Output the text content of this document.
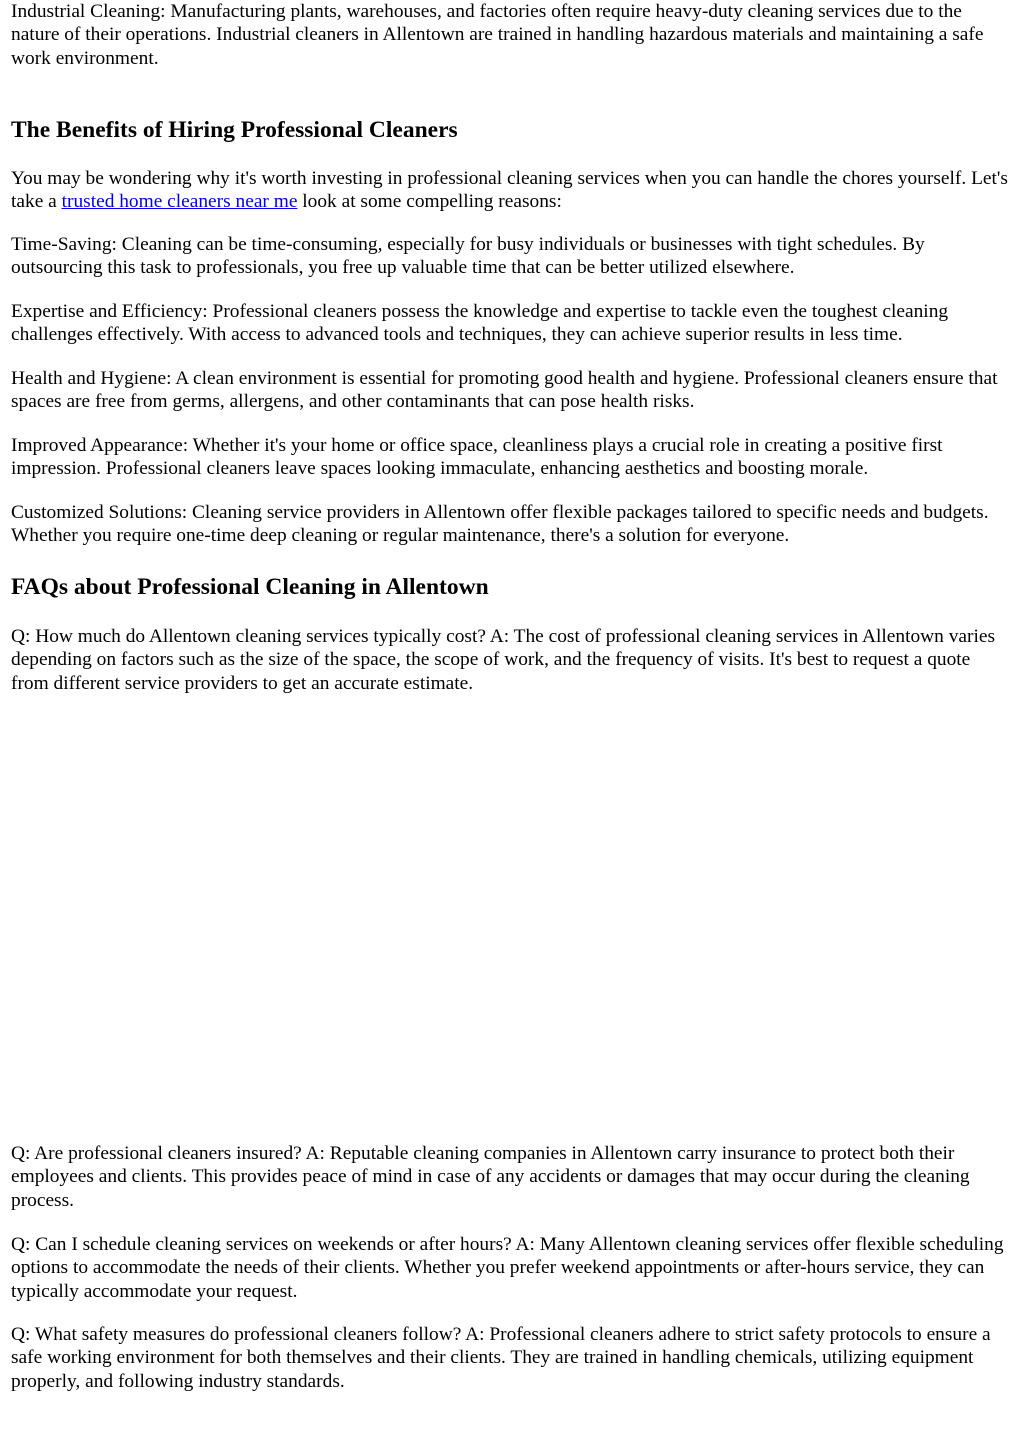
Industrial Cleaning: Manufacturing plants, warehouses, and factories often require heavy-duty cleaning services due to the nature of their operations. Industrial cleaners in Allentown are trained in handling hazardous materials and maintaining a safe work environment.

The Benefits of Hiring Professional Cleaners

You may be wondering why it's worth investing in professional cleaning services when you can handle the chores yourself. Let's take a trusted home cleaners near me look at some compelling reasons:

Time-Saving: Cleaning can be time-consuming, especially for busy individuals or businesses with tight schedules. By outsourcing this task to professionals, you free up valuable time that can be better utilized elsewhere.

Expertise and Efficiency: Professional cleaners possess the knowledge and expertise to tackle even the toughest cleaning challenges effectively. With access to advanced tools and techniques, they can achieve superior results in less time.

Health and Hygiene: A clean environment is essential for promoting good health and hygiene. Professional cleaners ensure that spaces are free from germs, allergens, and other contaminants that can pose health risks.

Improved Appearance: Whether it's your home or office space, cleanliness plays a crucial role in creating a positive first impression. Professional cleaners leave spaces looking immaculate, enhancing aesthetics and boosting morale.

Customized Solutions: Cleaning service providers in Allentown offer flexible packages tailored to specific needs and budgets. Whether you require one-time deep cleaning or regular maintenance, there's a solution for everyone.

FAQs about Professional Cleaning in Allentown

Q: How much do Allentown cleaning services typically cost? A: The cost of professional cleaning services in Allentown varies depending on factors such as the size of the space, the scope of work, and the frequency of visits. It's best to request a quote from different service providers to get an accurate estimate.

Q: Are professional cleaners insured? A: Reputable cleaning companies in Allentown carry insurance to protect both their employees and clients. This provides peace of mind in case of any accidents or damages that may occur during the cleaning process.

Q: Can I schedule cleaning services on weekends or after hours? A: Many Allentown cleaning services offer flexible scheduling options to accommodate the needs of their clients. Whether you prefer weekend appointments or after-hours service, they can typically accommodate your request.

Q: What safety measures do professional cleaners follow? A: Professional cleaners adhere to strict safety protocols to ensure a safe working environment for both themselves and their clients. They are trained in handling chemicals, utilizing equipment properly, and following industry standards.
